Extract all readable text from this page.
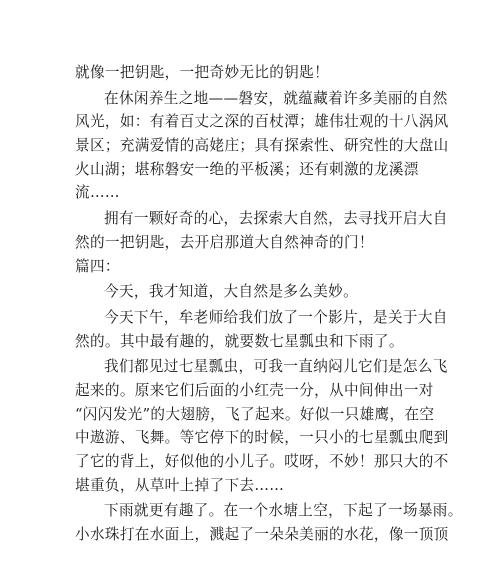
就像一把钥匙，一把奇妙无比的钥匙！
在休闲养生之地——磐安，就蕴藏着许多美丽的自然
风光，如：有着百丈之深的百杖潭；雄伟壮观的十八涡风
景区；充满爱情的高姥庄；具有探索性、研究性的大盘山
火山湖；堪称磐安一绝的平板溪；还有刺激的龙溪漂
流……
拥有一颗好奇的心，去探索大自然，去寻找开启大自
然的一把钥匙，去开启那道大自然神奇的门！
篇四：
今天，我才知道，大自然是多么美妙。
今天下午，牟老师给我们放了一个影片，是关于大自
然的。其中最有趣的，就要数七星瓢虫和下雨了。
我们都见过七星瓢虫，可我一直纳闷儿它们是怎么飞
起来的。原来它们后面的小红壳一分，从中间伸出一对
“闪闪发光”的大翅膀，飞了起来。好似一只雄鹰，在空
中遨游、飞舞。等它停下的时候，一只小的七星瓢虫爬到
了它的背上，好似他的小儿子。哎呀，不妙！那只大的不
堪重负，从草叶上掉了下去……
下雨就更有趣了。在一个水塘上空，下起了一场暴雨。
小水珠打在水面上，溅起了一朵朵美丽的水花，像一顶顶
